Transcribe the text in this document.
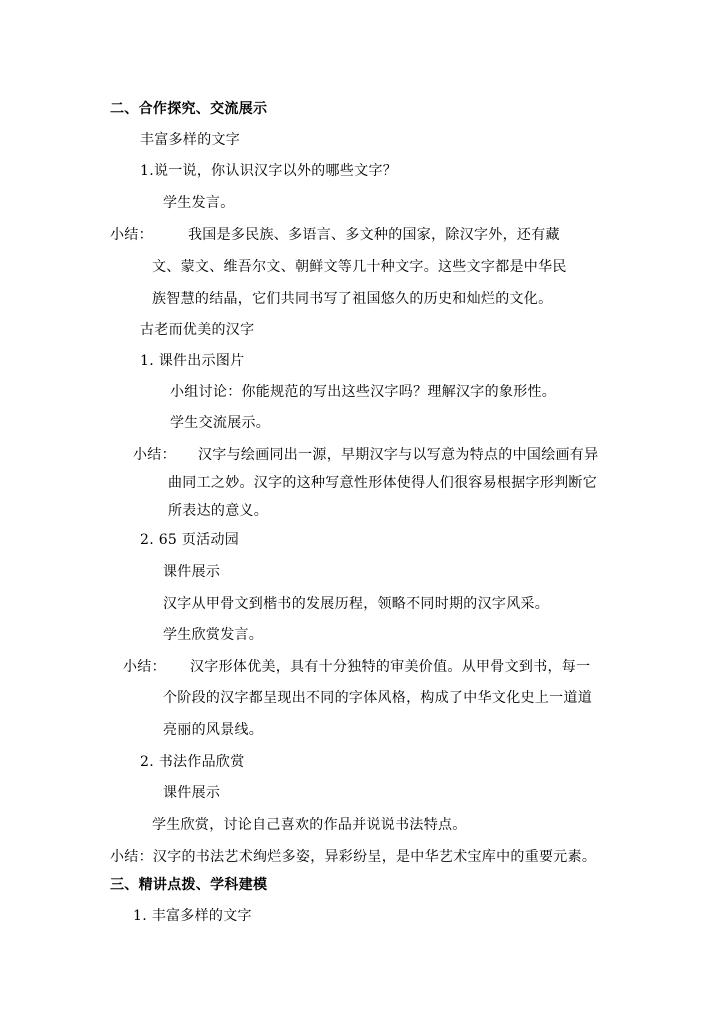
二、合作探究、交流展示
丰富多样的文字
1.说一说，你认识汉字以外的哪些文字？
学生发言。
小结：	我国是多民族、多语言、多文种的国家，除汉字外，还有藏
文、蒙文、维吾尔文、朝鲜文等几十种文字。这些文字都是中华民
族智慧的结晶，它们共同书写了祖国悠久的历史和灿烂的文化。
古老而优美的汉字
1. 课件出示图片
小组讨论：你能规范的写出这些汉字吗？理解汉字的象形性。
学生交流展示。
小结： 汉字与绘画同出一源，早期汉字与以写意为特点的中国绘画有异
曲同工之妙。汉字的这种写意性形体使得人们很容易根据字形判断它
所表达的意义。
2. 65 页活动园
课件展示
汉字从甲骨文到楷书的发展历程，领略不同时期的汉字风采。
学生欣赏发言。
小结： 汉字形体优美，具有十分独特的审美价值。从甲骨文到书，每一
个阶段的汉字都呈现出不同的字体风格，构成了中华文化史上一道道
亮丽的风景线。
2. 书法作品欣赏
课件展示
学生欣赏，讨论自己喜欢的作品并说说书法特点。
小结：汉字的书法艺术绚烂多姿，异彩纷呈，是中华艺术宝库中的重要元素。
三、精讲点拨、学科建模
1. 丰富多样的文字
